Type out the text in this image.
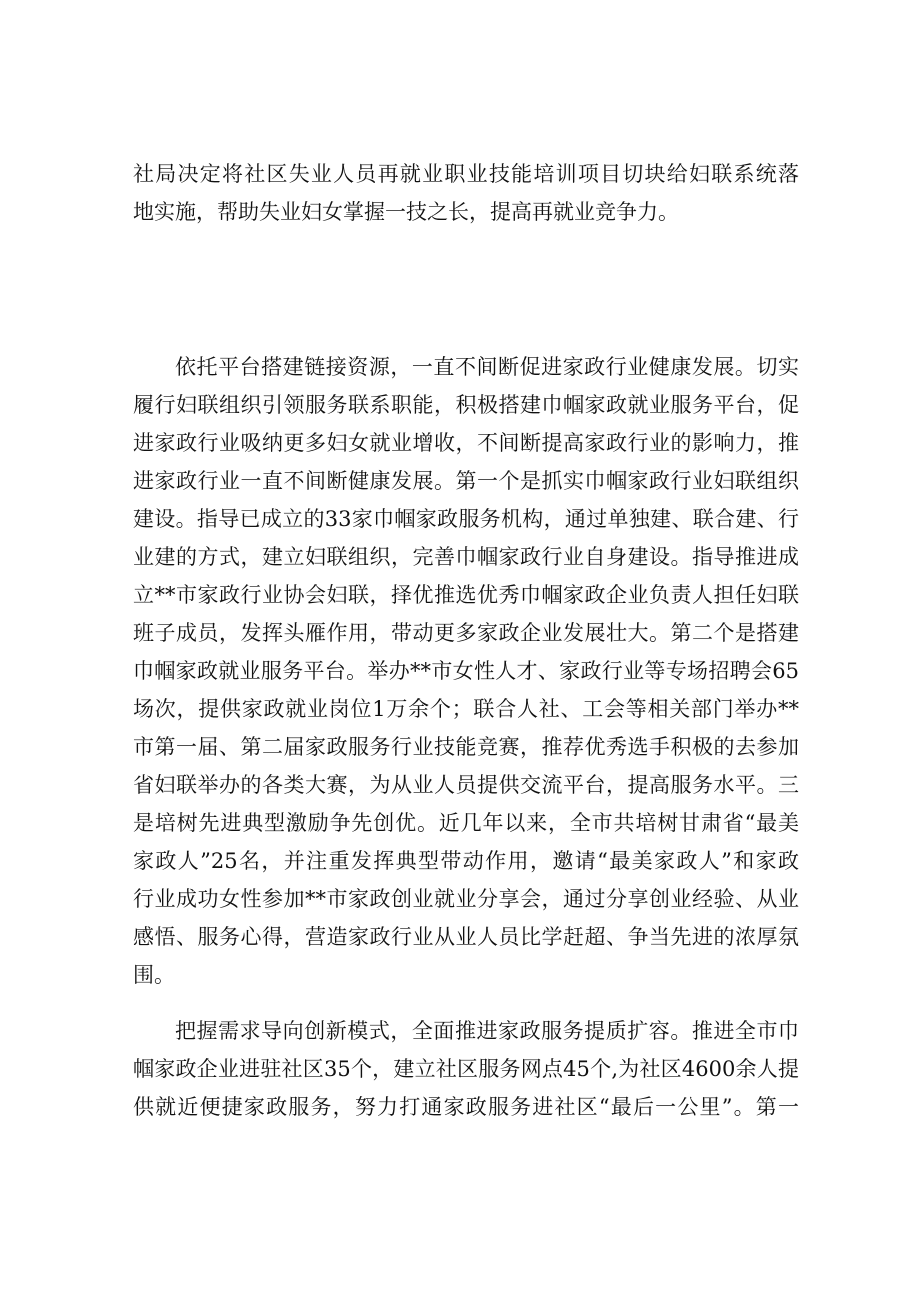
社局决定将社区失业人员再就业职业技能培训项目切块给妇联系统落
地实施，帮助失业妇女掌握一技之长，提高再就业竞争力。
依托平台搭建链接资源，一直不间断促进家政行业健康发展。切实
履行妇联组织引领服务联系职能，积极搭建巾帼家政就业服务平台，促
进家政行业吸纳更多妇女就业增收，不间断提高家政行业的影响力，推
进家政行业一直不间断健康发展。第一个是抓实巾帼家政行业妇联组织
建设。指导已成立的33家巾帼家政服务机构，通过单独建、联合建、行
业建的方式，建立妇联组织，完善巾帼家政行业自身建设。指导推进成
立**市家政行业协会妇联，择优推选优秀巾帼家政企业负责人担任妇联
班子成员，发挥头雁作用，带动更多家政企业发展壮大。第二个是搭建
巾帼家政就业服务平台。举办**市女性人才、家政行业等专场招聘会65
场次，提供家政就业岗位1万余个；联合人社、工会等相关部门举办**
市第一届、第二届家政服务行业技能竞赛，推荐优秀选手积极的去参加
省妇联举办的各类大赛，为从业人员提供交流平台，提高服务水平。三
是培树先进典型激励争先创优。近几年以来，全市共培树甘肃省“最美
家政人”25名，并注重发挥典型带动作用，邀请“最美家政人”和家政
行业成功女性参加**市家政创业就业分享会，通过分享创业经验、从业
感悟、服务心得，营造家政行业从业人员比学赶超、争当先进的浓厚氛
围。
把握需求导向创新模式，全面推进家政服务提质扩容。推进全市巾
帼家政企业进驻社区35个，建立社区服务网点45个,为社区4600余人提
供就近便捷家政服务，努力打通家政服务进社区“最后一公里”。第一
